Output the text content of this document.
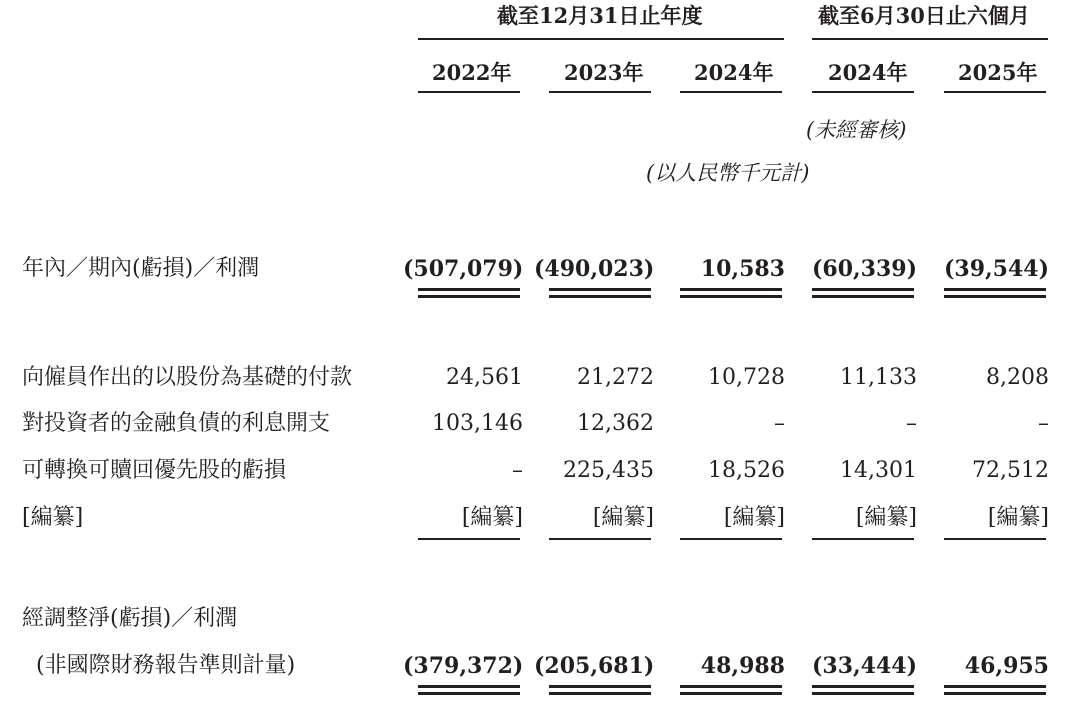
截至12月31日止年度	截至6月30日止六個月
2022年	2023年 2024年	2024年 2025年
(未經審核)
(以人民幣千元計)
年內／期內(虧損)／利潤	(507,079) (490,023)	10,583	(60,339)	(39,544)
向僱員作出的以股份為基礎的付款	24,561	21,272	10,728	11,133	8,208
對投資者的金融負債的利息開支	103,146	12,362	–	–	–
可轉換可贖回優先股的虧損	–	225,435	18,526	14,301	72,512
[編纂]	[編纂]	[編纂]	[編纂]	[編纂]	[編纂]
經調整淨(虧損)／利潤
(非國際財務報告準則計量)	(379,372) (205,681)	48,988	(33,444)	46,955
